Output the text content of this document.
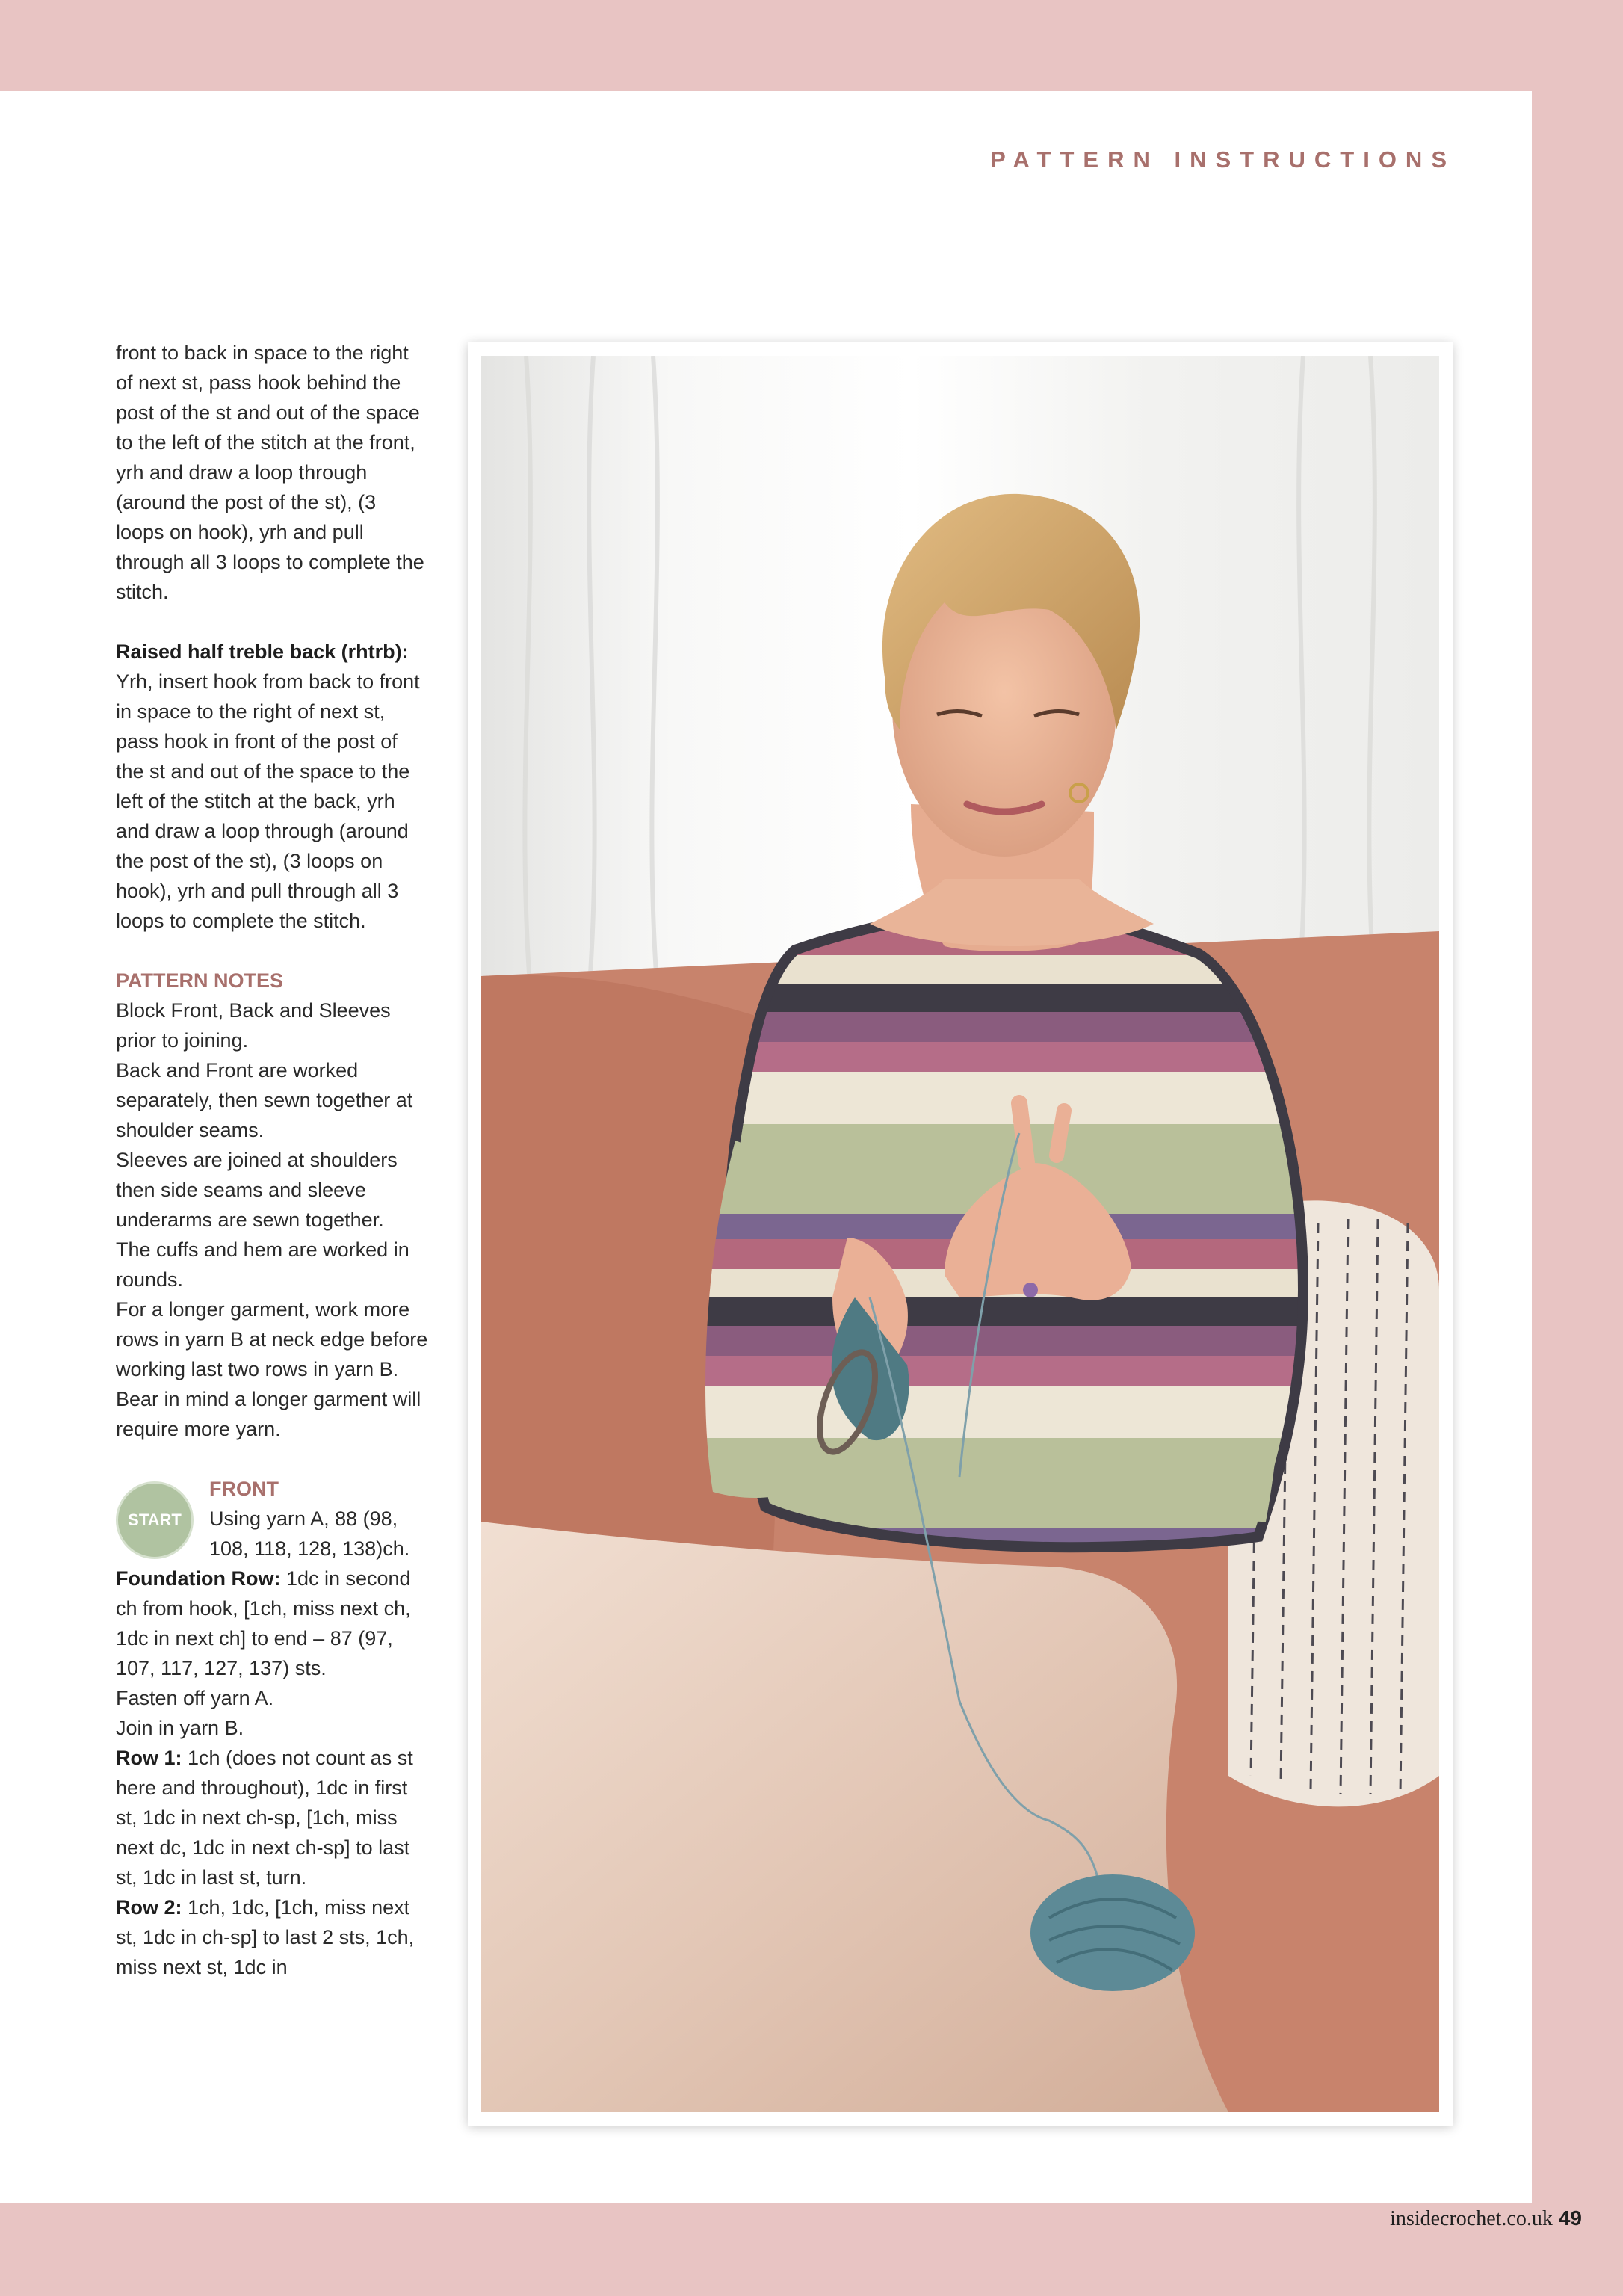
PATTERN INSTRUCTIONS

front to back in space to the right of next st, pass hook behind the post of the st and out of the space to the left of the stitch at the front, yrh and draw a loop through (around the post of the st), (3 loops on hook), yrh and pull through all 3 loops to complete the stitch.

Raised half treble back (rhtrb): Yrh, insert hook from back to front in space to the right of next st, pass hook in front of the post of the st and out of the space to the left of the stitch at the back, yrh and draw a loop through (around the post of the st), (3 loops on hook), yrh and pull through all 3 loops to complete the stitch.

PATTERN NOTES

Block Front, Back and Sleeves prior to joining.

Back and Front are worked separately, then sewn together at shoulder seams.

Sleeves are joined at shoulders then side seams and sleeve underarms are sewn together.

The cuffs and hem are worked in rounds.

For a longer garment, work more rows in yarn B at neck edge before working last two rows in yarn B. Bear in mind a longer garment will require more yarn.

START

FRONT

Using yarn A, 88 (98, 108, 118, 128, 138)ch.

Foundation Row: 1dc in second ch from hook, [1ch, miss next ch, 1dc in next ch] to end – 87 (97, 107, 117, 127, 137) sts.

Fasten off yarn A.

Join in yarn B.

Row 1: 1ch (does not count as st here and throughout), 1dc in first st, 1dc in next ch-sp, [1ch, miss next dc, 1dc in next ch-sp] to last st, 1dc in last st, turn.

Row 2: 1ch, 1dc, [1ch, miss next st, 1dc in ch-sp] to last 2 sts, 1ch, miss next st, 1dc in

insidecrochet.co.uk 49
